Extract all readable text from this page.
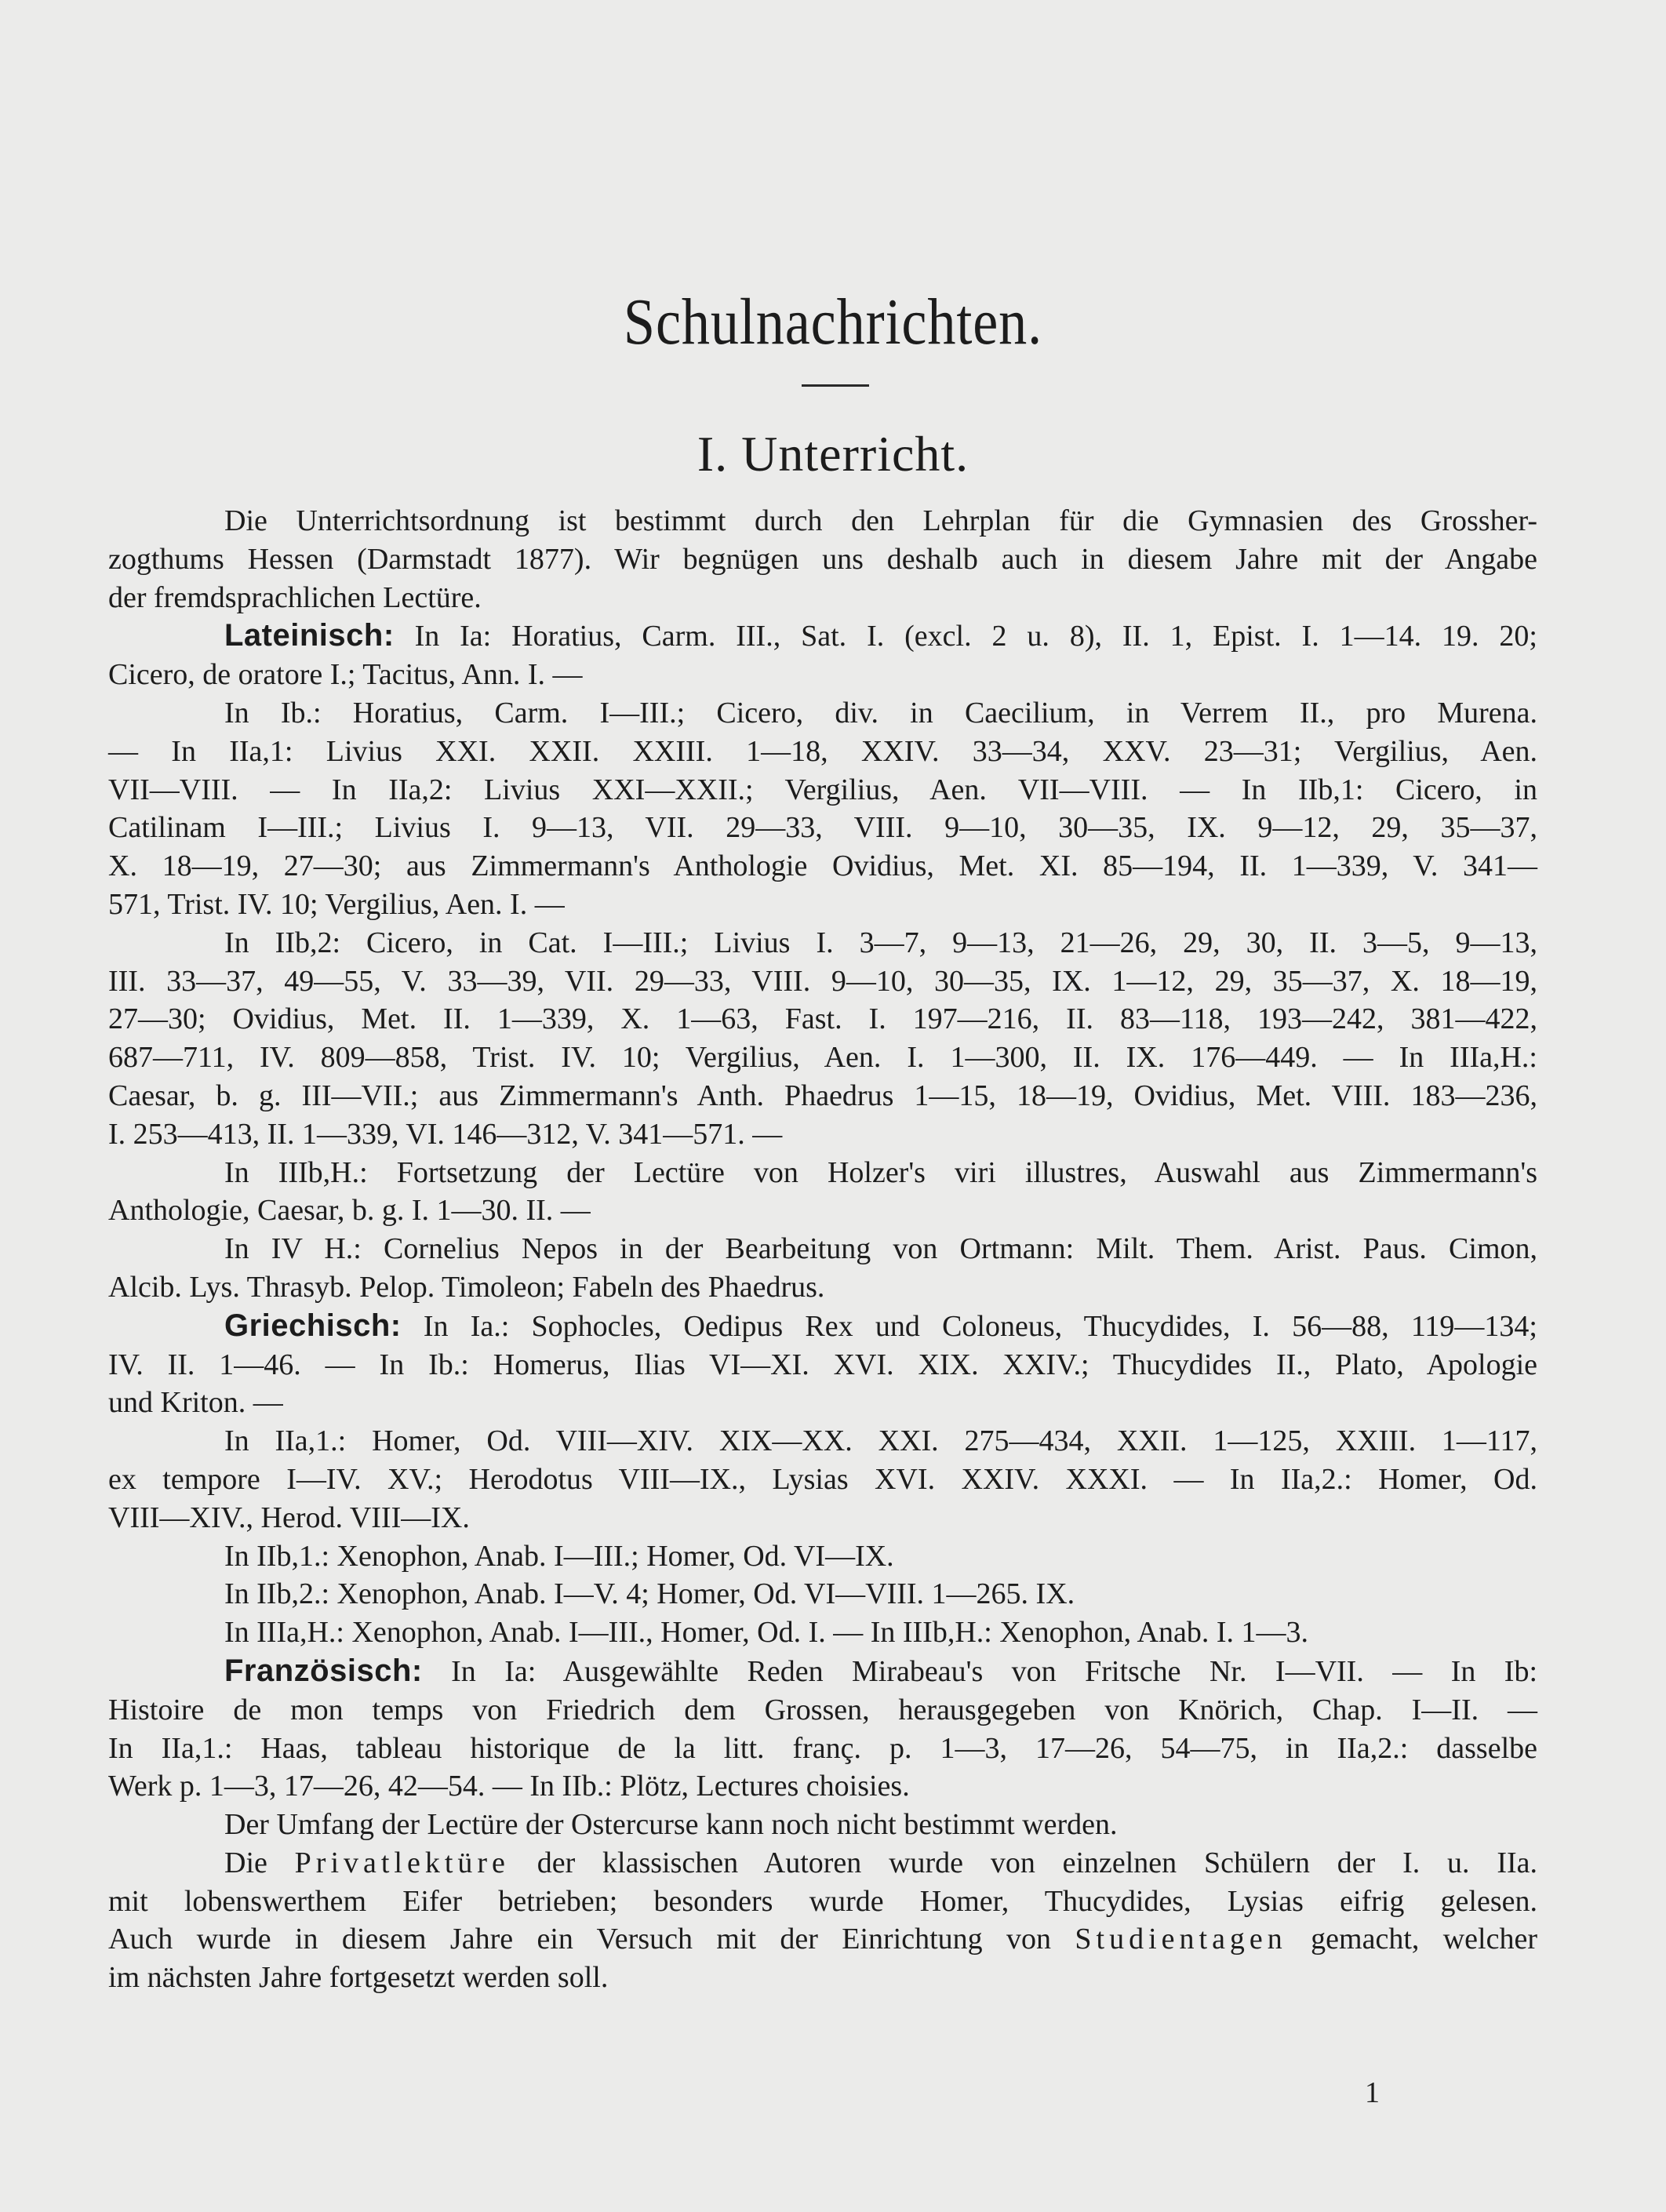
Schulnachrichten.
I. Unterricht.

Die Unterrichtsordnung ist bestimmt durch den Lehrplan für die Gymnasien des Grossher-
zogthums Hessen (Darmstadt 1877). Wir begnügen uns deshalb auch in diesem Jahre mit der Angabe
der fremdsprachlichen Lectüre.

Lateinisch: In Ia: Horatius, Carm. III., Sat. I. (excl. 2 u. 8), II. 1, Epist. I. 1—14. 19. 20;
Cicero, de oratore I.; Tacitus, Ann. I. —

In Ib.: Horatius, Carm. I—III.; Cicero, div. in Caecilium, in Verrem II., pro Murena.
— In IIa,1: Livius XXI. XXII. XXIII. 1—18, XXIV. 33—34, XXV. 23—31; Vergilius, Aen.
VII—VIII. — In IIa,2: Livius XXI—XXII.; Vergilius, Aen. VII—VIII. — In IIb,1: Cicero, in
Catilinam I—III.; Livius I. 9—13, VII. 29—33, VIII. 9—10, 30—35, IX. 9—12, 29, 35—37,
X. 18—19, 27—30; aus Zimmermann's Anthologie Ovidius, Met. XI. 85—194, II. 1—339, V. 341—
571, Trist. IV. 10; Vergilius, Aen. I. —

In IIb,2: Cicero, in Cat. I—III.; Livius I. 3—7, 9—13, 21—26, 29, 30, II. 3—5, 9—13,
III. 33—37, 49—55, V. 33—39, VII. 29—33, VIII. 9—10, 30—35, IX. 1—12, 29, 35—37, X. 18—19,
27—30; Ovidius, Met. II. 1—339, X. 1—63, Fast. I. 197—216, II. 83—118, 193—242, 381—422,
687—711, IV. 809—858, Trist. IV. 10; Vergilius, Aen. I. 1—300, II. IX. 176—449. — In IIIa,H.:
Caesar, b. g. III—VII.; aus Zimmermann's Anth. Phaedrus 1—15, 18—19, Ovidius, Met. VIII. 183—236,
I. 253—413, II. 1—339, VI. 146—312, V. 341—571. —

In IIIb,H.: Fortsetzung der Lectüre von Holzer's viri illustres, Auswahl aus Zimmermann's
Anthologie, Caesar, b. g. I. 1—30. II. —

In IV H.: Cornelius Nepos in der Bearbeitung von Ortmann: Milt. Them. Arist. Paus. Cimon,
Alcib. Lys. Thrasyb. Pelop. Timoleon; Fabeln des Phaedrus.

Griechisch: In Ia.: Sophocles, Oedipus Rex und Coloneus, Thucydides, I. 56—88, 119—134;
IV. II. 1—46. — In Ib.: Homerus, Ilias VI—XI. XVI. XIX. XXIV.; Thucydides II., Plato, Apologie
und Kriton. —

In IIa,1.: Homer, Od. VIII—XIV. XIX—XX. XXI. 275—434, XXII. 1—125, XXIII. 1—117,
ex tempore I—IV. XV.; Herodotus VIII—IX., Lysias XVI. XXIV. XXXI. — In IIa,2.: Homer, Od.
VIII—XIV., Herod. VIII—IX.

In IIb,1.: Xenophon, Anab. I—III.; Homer, Od. VI—IX.

In IIb,2.: Xenophon, Anab. I—V. 4; Homer, Od. VI—VIII. 1—265. IX.

In IIIa,H.: Xenophon, Anab. I—III., Homer, Od. I. — In IIIb,H.: Xenophon, Anab. I. 1—3.

Französisch: In Ia: Ausgewählte Reden Mirabeau's von Fritsche Nr. I—VII. — In Ib:
Histoire de mon temps von Friedrich dem Grossen, herausgegeben von Knörich, Chap. I—II. —
In IIa,1.: Haas, tableau historique de la litt. franç. p. 1—3, 17—26, 54—75, in IIa,2.: dasselbe
Werk p. 1—3, 17—26, 42—54. — In IIb.: Plötz, Lectures choisies.

Der Umfang der Lectüre der Ostercurse kann noch nicht bestimmt werden.

Die Privatlektüre der klassischen Autoren wurde von einzelnen Schülern der I. u. IIa.
mit lobenswerthem Eifer betrieben; besonders wurde Homer, Thucydides, Lysias eifrig gelesen.
Auch wurde in diesem Jahre ein Versuch mit der Einrichtung von Studientagen gemacht, welcher
im nächsten Jahre fortgesetzt werden soll.

1
